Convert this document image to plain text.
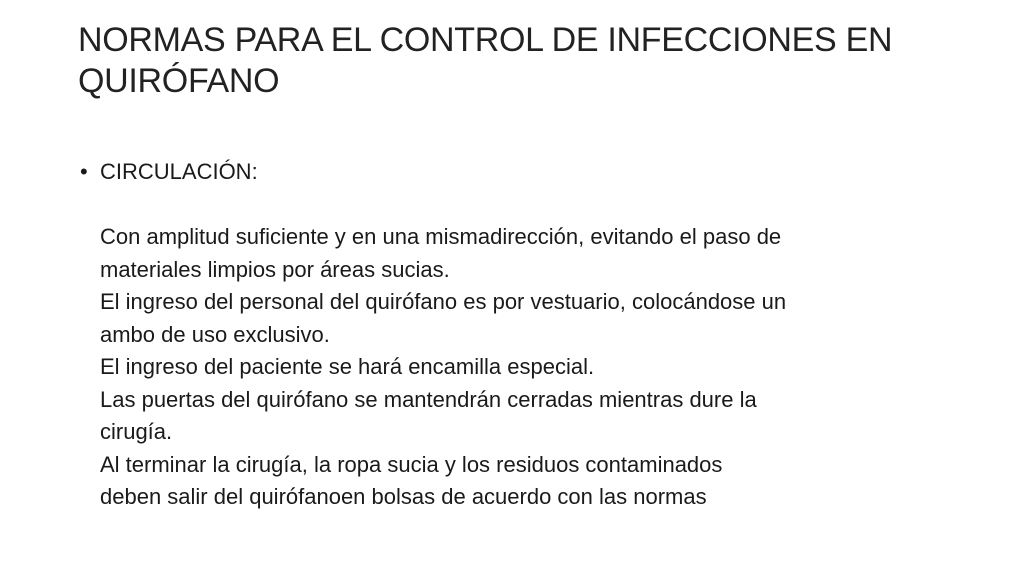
NORMAS PARA EL CONTROL DE INFECCIONES EN
QUIRÓFANO
• CIRCULACIÓN:
Con amplitud suficiente y en una mismadirección, evitando el paso de
materiales limpios por áreas sucias.
El ingreso del personal del quirófano es por vestuario, colocándose un
ambo de uso exclusivo.
El ingreso del paciente se hará encamilla especial.
Las puertas del quirófano se mantendrán cerradas mientras dure la
cirugía.
Al terminar la cirugía, la ropa sucia y los residuos contaminados
deben salir del quirófanoen bolsas de acuerdo con las normas
